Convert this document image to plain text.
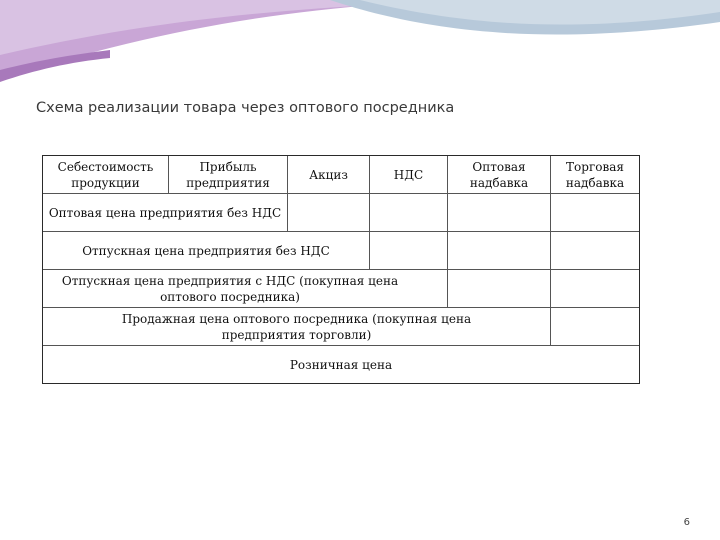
Схема реализации товара через оптового посредника
Себестоимость продукции
Прибыль предприятия
Акциз	НДС
Оптовая надбавка
Торговая надбавка
Оптовая цена предприятия без НДС
Отпускная цена предприятия без НДС
Отпускная цена предприятия с НДС (покупная цена оптового посредника)
Продажная цена оптового посредника (покупная цена предприятия торговли)
Розничная цена
6
